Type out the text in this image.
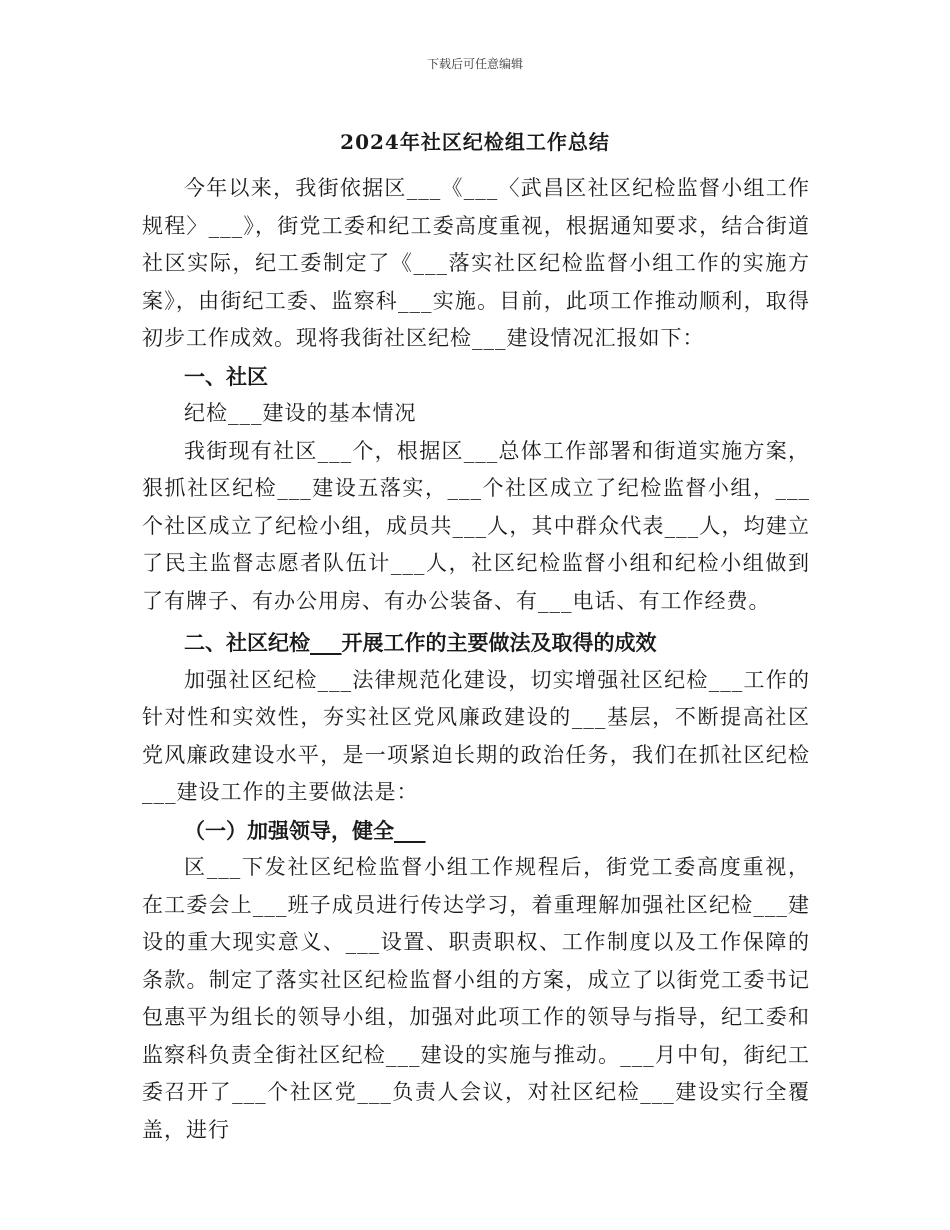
下载后可任意编辑
2024年社区纪检组工作总结

今年以来，我街依据区___《___〈武昌区社区纪检监督小组工作规程〉___》，街党工委和纪工委高度重视，根据通知要求，结合街道社区实际，纪工委制定了《___落实社区纪检监督小组工作的实施方案》，由街纪工委、监察科___实施。目前，此项工作推动顺利，取得初步工作成效。现将我街社区纪检___建设情况汇报如下：

一、社区

纪检___建设的基本情况

我街现有社区___个，根据区___总体工作部署和街道实施方案，狠抓社区纪检___建设五落实，___个社区成立了纪检监督小组，___个社区成立了纪检小组，成员共___人，其中群众代表___人，均建立了民主监督志愿者队伍计___人，社区纪检监督小组和纪检小组做到了有牌子、有办公用房、有办公装备、有___电话、有工作经费。

二、社区纪检___开展工作的主要做法及取得的成效

加强社区纪检___法律规范化建设，切实增强社区纪检___工作的针对性和实效性，夯实社区党风廉政建设的___基层，不断提高社区党风廉政建设水平，是一项紧迫长期的政治任务，我们在抓社区纪检___建设工作的主要做法是：

（一）加强领导，健全___

区___下发社区纪检监督小组工作规程后，街党工委高度重视，在工委会上___班子成员进行传达学习，着重理解加强社区纪检___建设的重大现实意义、___设置、职责职权、工作制度以及工作保障的条款。制定了落实社区纪检监督小组的方案，成立了以街党工委书记包惠平为组长的领导小组，加强对此项工作的领导与指导，纪工委和监察科负责全街社区纪检___建设的实施与推动。___月中旬，街纪工委召开了___个社区党___负责人会议，对社区纪检___建设实行全覆盖，进行
